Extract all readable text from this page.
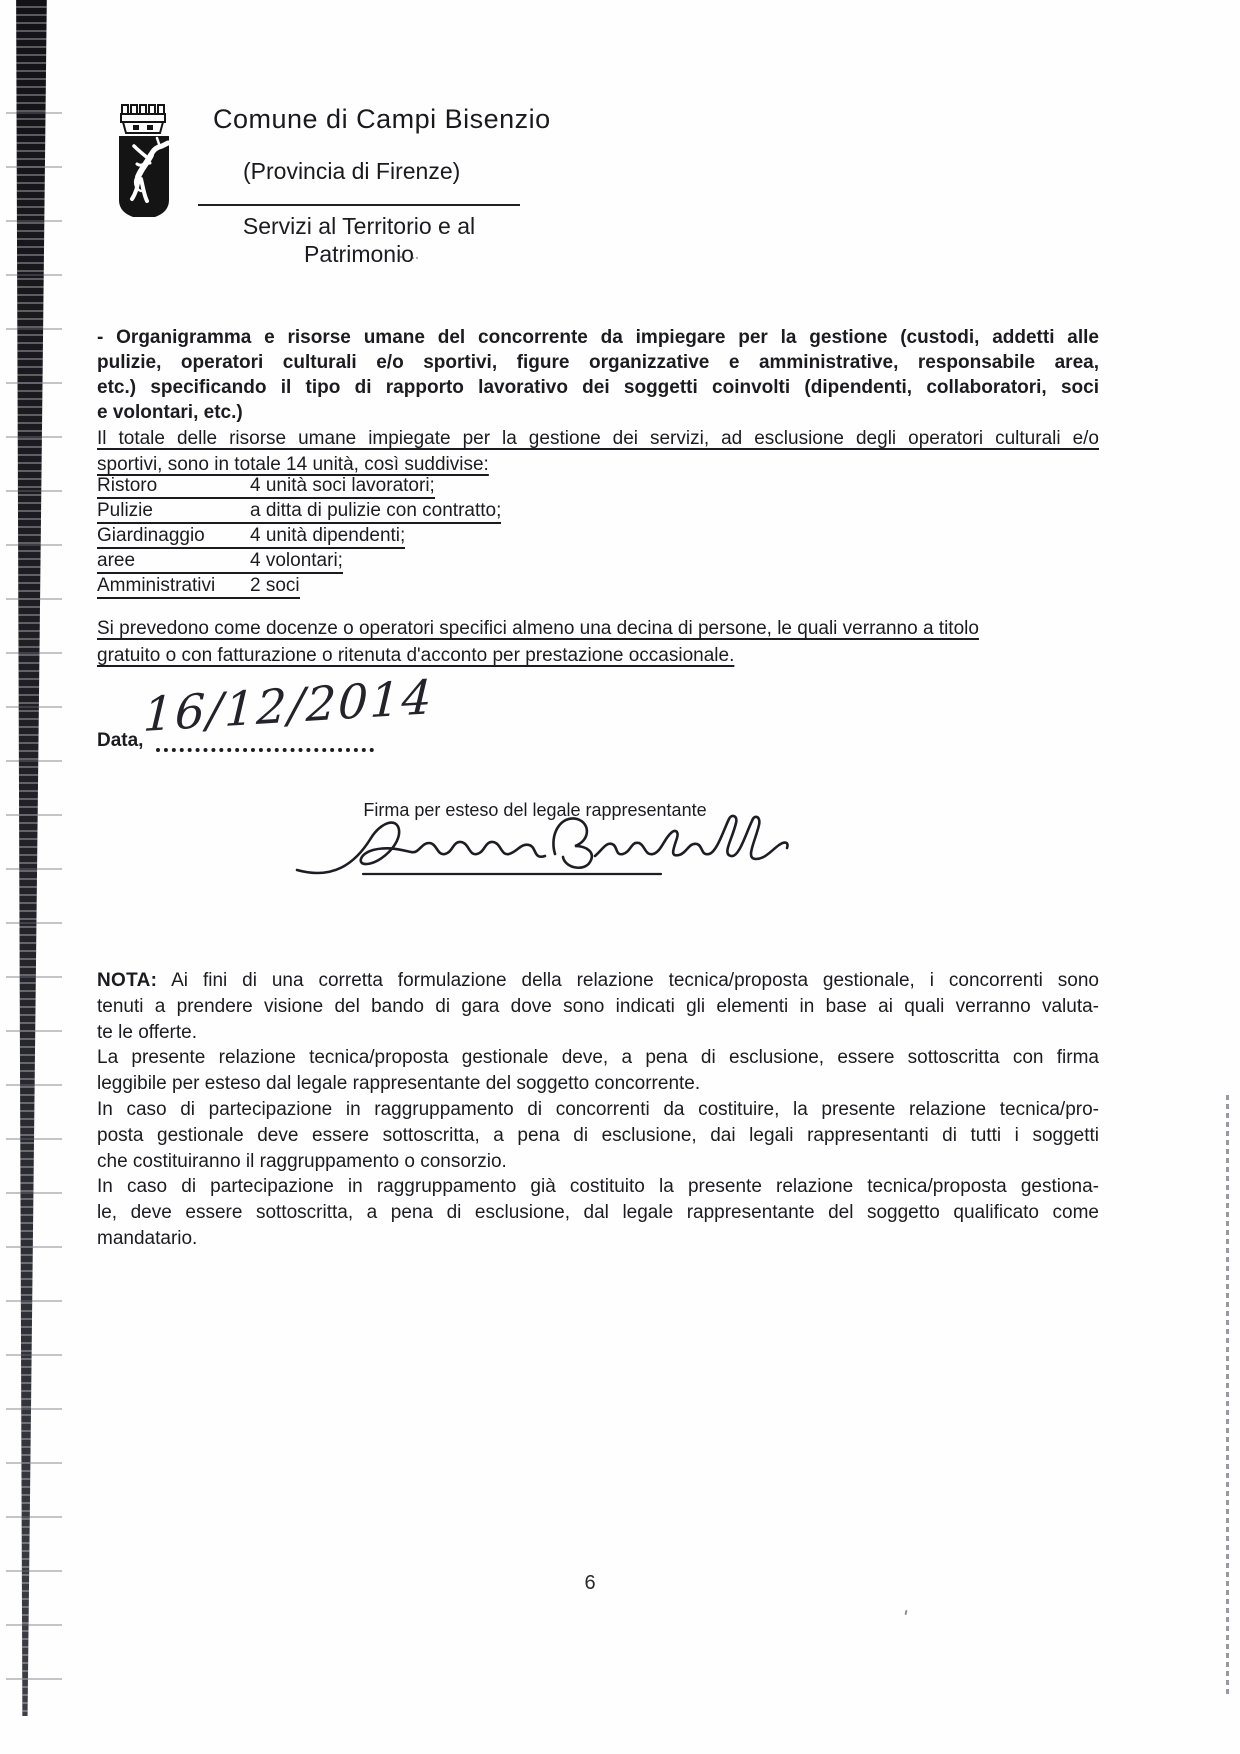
Comune di Campi Bisenzio
(Provincia di Firenze)
Servizi al Territorio e al
Patrimonio
- Organigramma e risorse umane del concorrente da impiegare per la gestione (custodi, addetti alle
pulizie, operatori culturali e/o sportivi, figure organizzative e amministrative, responsabile area,
etc.) specificando il tipo di rapporto lavorativo dei soggetti coinvolti (dipendenti, collaboratori, soci
e volontari, etc.)
Il totale delle risorse umane impiegate per la gestione dei servizi, ad esclusione degli operatori culturali e/o
sportivi, sono in totale 14 unità, così suddivise:
Ristoro	4 unità soci lavoratori;
Pulizie	a ditta di pulizie con contratto;
Giardinaggio 4 unità dipendenti;
aree	4 volontari;
Amministrativi 2 soci
Si prevedono come docenze o operatori specifici almeno una decina di persone, le quali verranno a titolo
gratuito o con fatturazione o ritenuta d'acconto per prestazione occasionale.
Data,
16/12/2014
Firma per esteso del legale rappresentante
NOTA: Ai fini di una corretta formulazione della relazione tecnica/proposta gestionale, i concorrenti sono
tenuti a prendere visione del bando di gara dove sono indicati gli elementi in base ai quali verranno valuta-
te le offerte.
La presente relazione tecnica/proposta gestionale deve, a pena di esclusione, essere sottoscritta con firma
leggibile per esteso dal legale rappresentante del soggetto concorrente.
In caso di partecipazione in raggruppamento di concorrenti da costituire, la presente relazione tecnica/pro-
posta gestionale deve essere sottoscritta, a pena di esclusione, dai legali rappresentanti di tutti i soggetti
che costituiranno il raggruppamento o consorzio.
In caso di partecipazione in raggruppamento già costituito la presente relazione tecnica/proposta gestiona-
le, deve essere sottoscritta, a pena di esclusione, dal legale rappresentante del soggetto qualificato come
mandatario.
6
